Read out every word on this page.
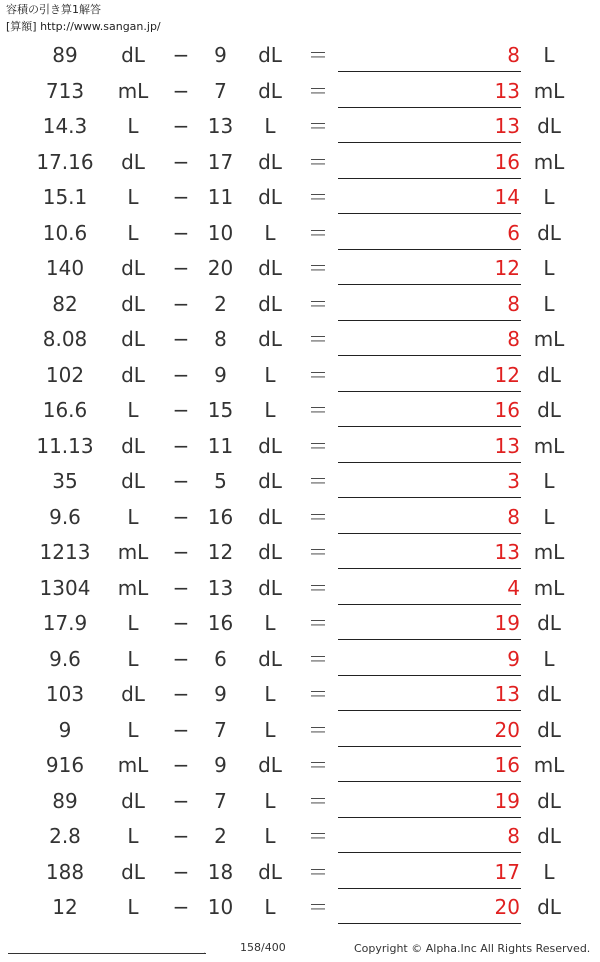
容積の引き算1解答
[算額] http://www.sangan.jp/
89	dL	−	9	dL	＝	8	L
713	mL	−	7	dL	＝	13 mL
14.3	L	− 13	L	＝	13 dL
17.16	dL	− 17	dL	＝	16 mL
15.1	L	− 11	dL	＝	14	L
10.6	L	− 10	L	＝	6 dL
140	dL	− 20	dL	＝	12	L
82	dL	−	2	dL	＝	8	L
8.08	dL	−	8	dL	＝	8 mL
102	dL	−	9	L	＝	12 dL
16.6	L	− 15	L	＝	16 dL
11.13	dL	− 11	dL	＝	13 mL
35	dL	−	5	dL	＝	3	L
9.6	L	− 16	dL	＝	8	L
1213	mL	− 12	dL	＝	13 mL
1304	mL	− 13	dL	＝	4 mL
17.9	L	− 16	L	＝	19 dL
9.6	L	−	6	dL	＝	9	L
103	dL	−	9	L	＝	13 dL
9	L	−	7	L	＝	20 dL
916	mL	−	9	dL	＝	16 mL
89	dL	−	7	L	＝	19 dL
2.8	L	−	2	L	＝	8 dL
188	dL	− 18	dL	＝	17	L
12	L	− 10	L	＝	20 dL
.	158/400	Copyright © Alpha.Inc All Rights Reserved.
